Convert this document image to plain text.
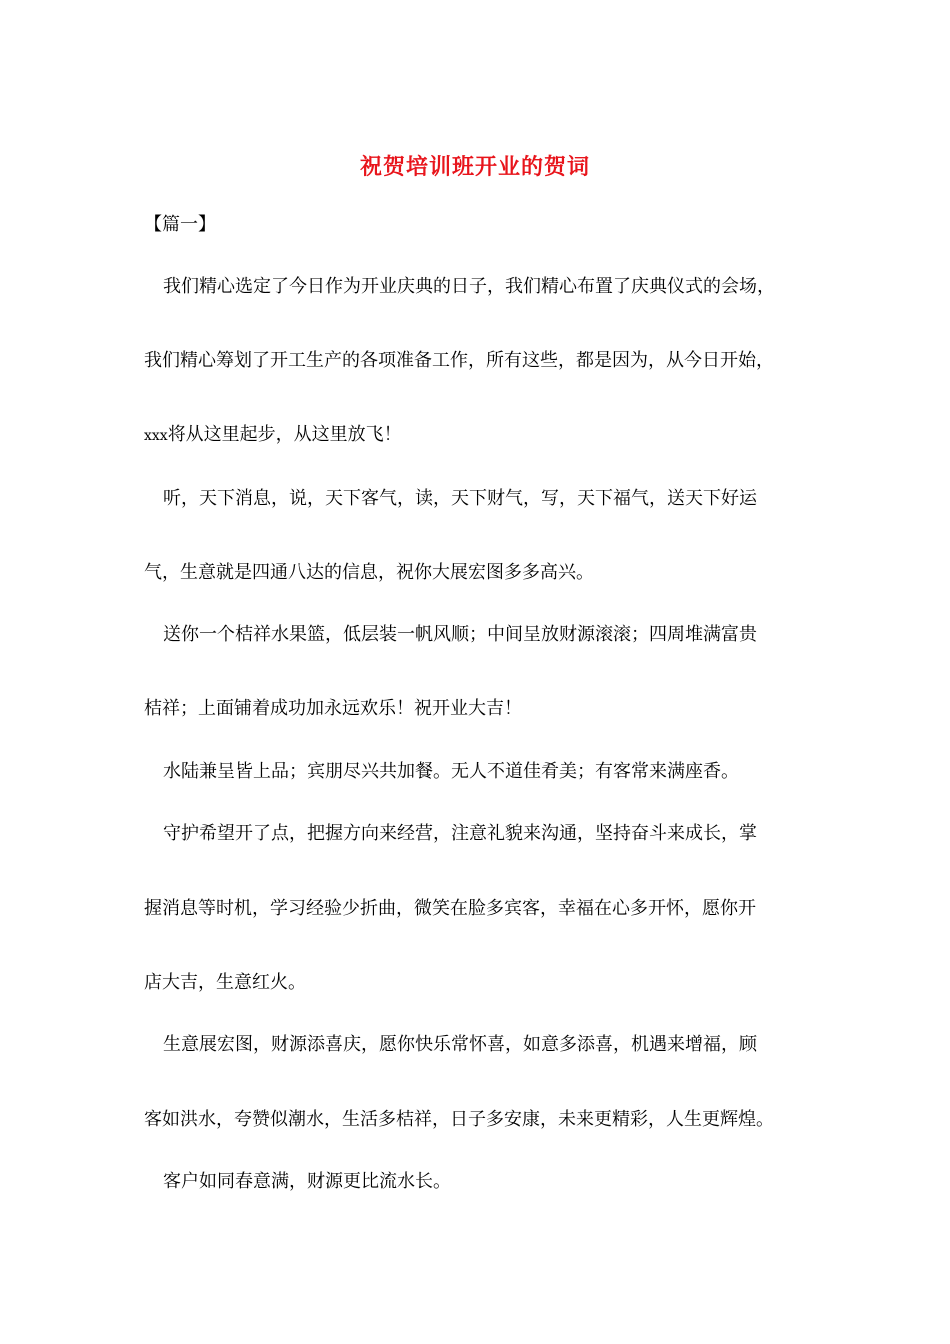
祝贺培训班开业的贺词
【篇一】
我们精心选定了今日作为开业庆典的日子，我们精心布置了庆典仪式的会场，
我们精心筹划了开工生产的各项准备工作，所有这些，都是因为，从今日开始，
xxx将从这里起步，从这里放飞！
听，天下消息，说，天下客气，读，天下财气，写，天下福气，送天下好运
气，生意就是四通八达的信息，祝你大展宏图多多高兴。
送你一个桔祥水果篮，低层装一帆风顺；中间呈放财源滚滚；四周堆满富贵
桔祥；上面铺着成功加永远欢乐！祝开业大吉！
水陆兼呈皆上品；宾朋尽兴共加餐。无人不道佳肴美；有客常来满座香。
守护希望开了点，把握方向来经营，注意礼貌来沟通，坚持奋斗来成长，掌
握消息等时机，学习经验少折曲，微笑在脸多宾客，幸福在心多开怀，愿你开
店大吉，生意红火。
生意展宏图，财源添喜庆，愿你快乐常怀喜，如意多添喜，机遇来增福，顾
客如洪水，夸赞似潮水，生活多桔祥，日子多安康，未来更精彩，人生更辉煌。
客户如同春意满，财源更比流水长。
